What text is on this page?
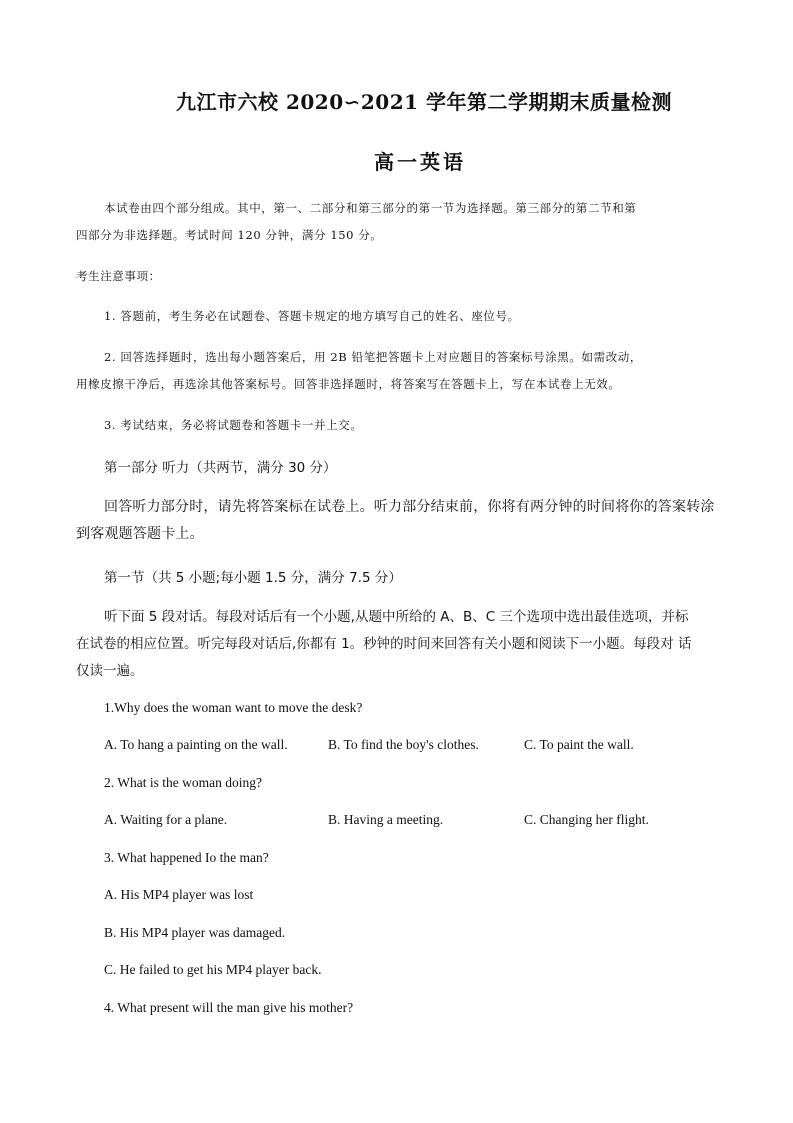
九江市六校 2020∽2021 学年第二学期期末质量检测

高一英语

本试卷由四个部分组成。其中，第一、二部分和第三部分的第一节为选择题。第三部分的第二节和第

四部分为非选择题。考试时间 120 分钟，满分 150 分。

考生注意事项：

1. 答题前，考生务必在试题卷、答题卡规定的地方填写自己的姓名、座位号。

2. 回答选择题时，选出每小题答案后，用 2B 铅笔把答题卡上对应题目的答案标号涂黑。如需改动，

用橡皮擦干净后，再选涂其他答案标号。回答非选择题时，将答案写在答题卡上，写在本试卷上无效。

3. 考试结束，务必将试题卷和答题卡一并上交。

第一部分 听力（共两节，满分 30 分）

回答听力部分时，请先将答案标在试卷上。听力部分结束前，你将有两分钟的时间将你的答案转涂

到客观题答题卡上。

第一节（共 5 小题;每小题 1.5 分，满分 7.5 分）

听下面 5 段对话。每段对话后有一个小题,从题中所给的 A、B、C 三个选项中选出最佳选项，并标

在试卷的相应位置。听完每段对话后,你都有 1。秒钟的时间来回答有关小题和阅读下一小题。每段对 话

仅读一遍。

1.Why does the woman want to move the desk?

A. To hang a painting on the wall.	B. To find the boy's clothes.	C. To paint the wall.

2. What is the woman doing?

A. Waiting for a plane.	B. Having a meeting.	C. Changing her flight.

3. What happened Io the man?

A. His MP4 player was lost

B. His MP4 player was damaged.

C. He failed to get his MP4 player back.

4. What present will the man give his mother?
